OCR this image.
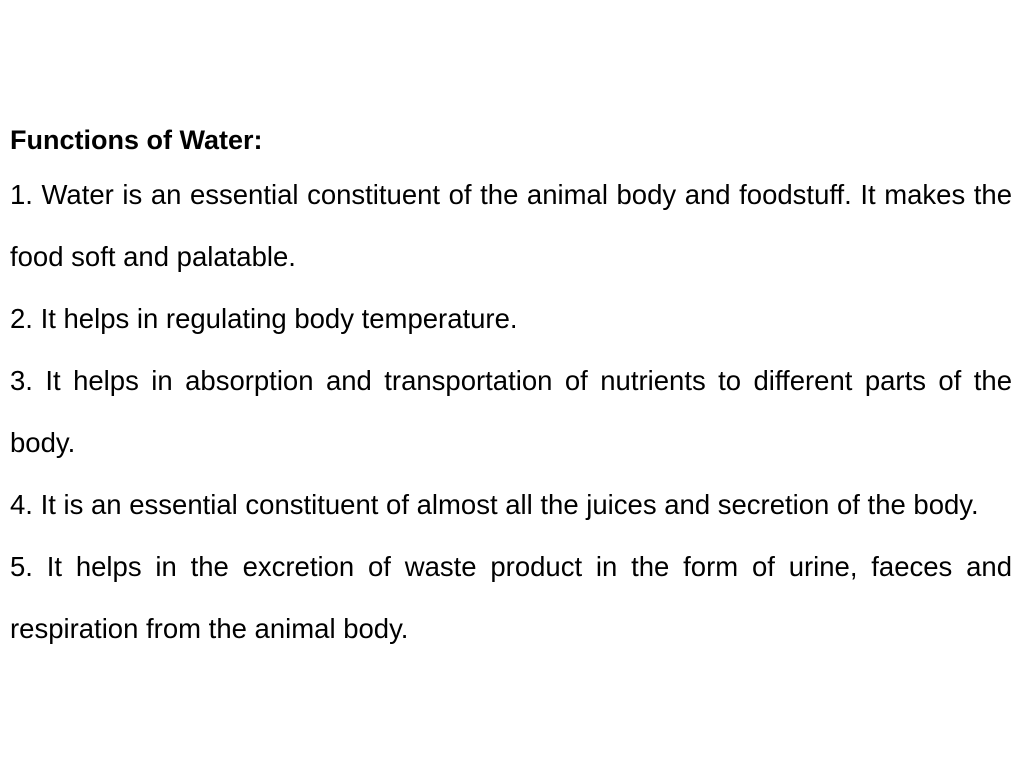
Functions of Water:

1. Water is an essential constituent of the animal body and foodstuff. It makes the food soft and palatable.

2. It helps in regulating body temperature.

3. It helps in absorption and transportation of nutrients to different parts of the body.

4. It is an essential constituent of almost all the juices and secretion of the body.

5. It helps in the excretion of waste product in the form of urine, faeces and respiration from the animal body.
